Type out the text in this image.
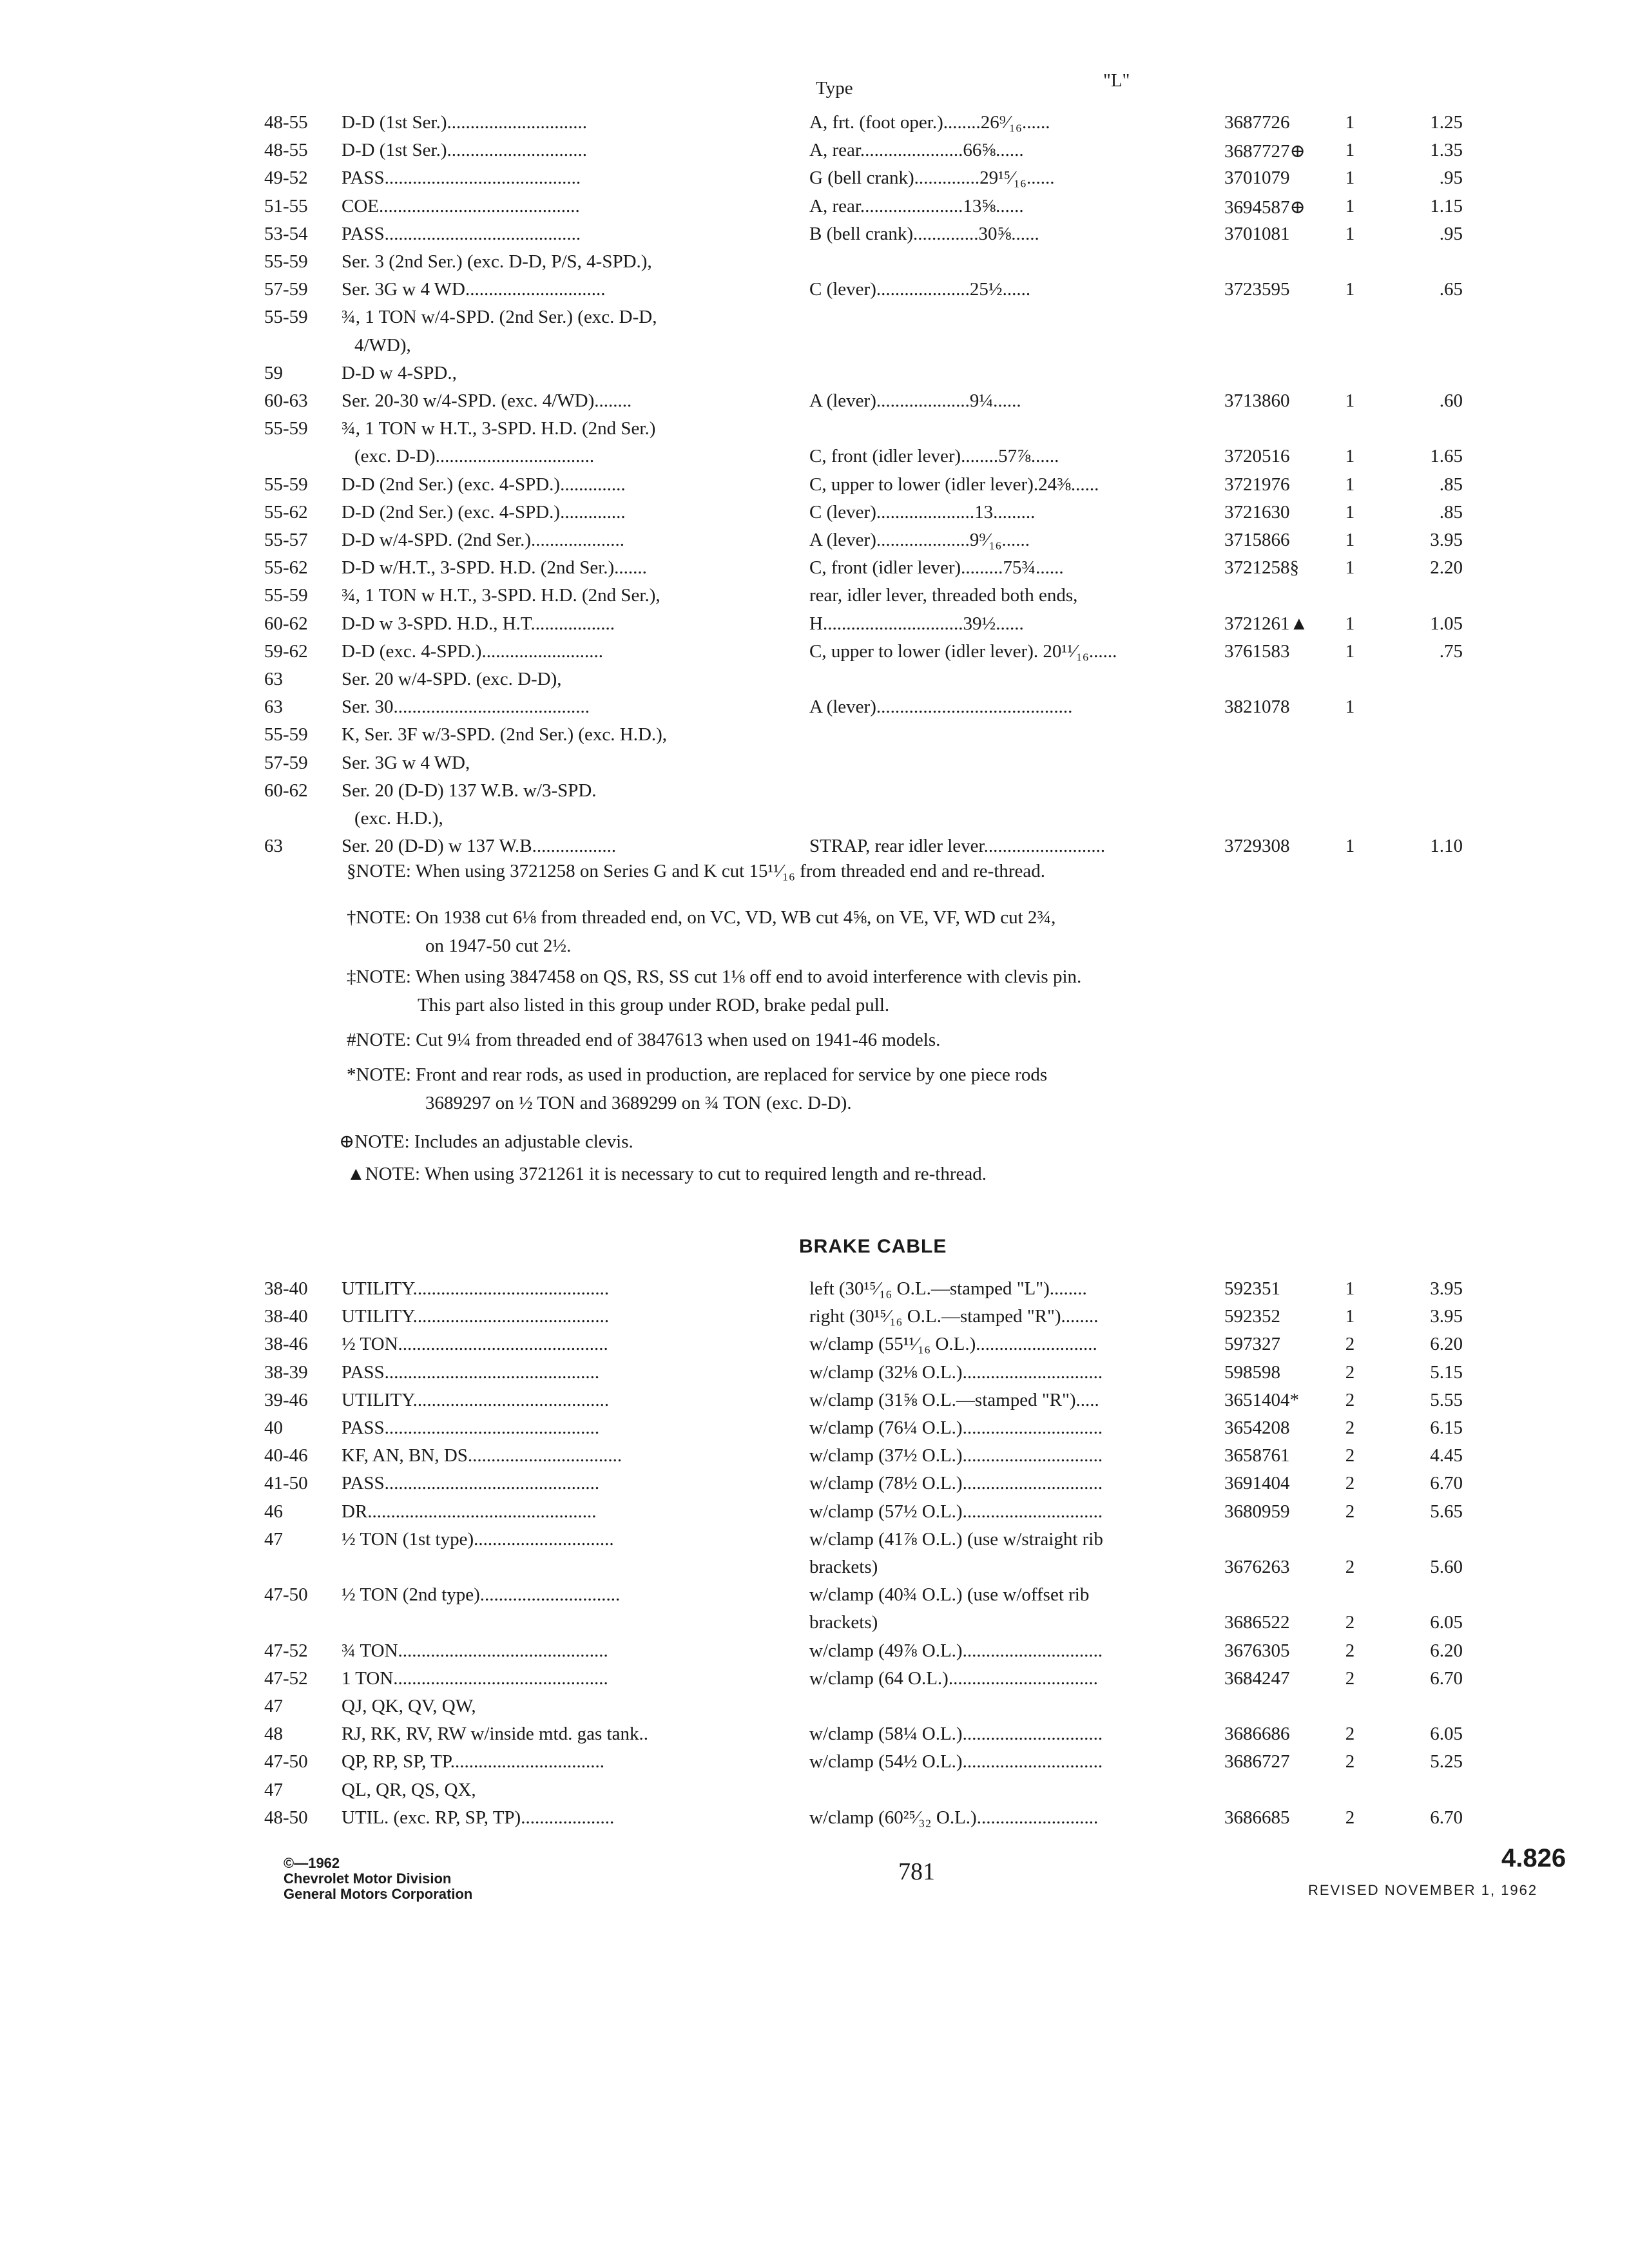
Type	"L"
48-55 D-D (1st Ser.)..............................	A, frt. (foot oper.)........26⁹⁄₁₆......	3687726	1	1.25
48-55 D-D (1st Ser.)..............................	A, rear......................66⅝......	3687727⊕	1	1.35
49-52 PASS..........................................	G (bell crank)..............29¹⁵⁄₁₆......	3701079	1	.95
51-55 COE...........................................	A, rear......................13⅝......	3694587⊕	1	1.15
53-54 PASS..........................................	B (bell crank)..............30⅝......	3701081	1	.95
55-59 Ser. 3 (2nd Ser.) (exc. D-D, P/S, 4-SPD.),
57-59 Ser. 3G w 4 WD..............................	C (lever)....................25½......	3723595	1	.65
55-59 ¾, 1 TON w/4-SPD. (2nd Ser.) (exc. D-D,
4/WD),
59	D-D w 4-SPD.,
60-63 Ser. 20-30 w/4-SPD. (exc. 4/WD)........	A (lever)....................9¼......	3713860	1	.60
55-59 ¾, 1 TON w H.T., 3-SPD. H.D. (2nd Ser.)
(exc. D-D)..................................	C, front (idler lever)........57⅞......	3720516	1	1.65
55-59 D-D (2nd Ser.) (exc. 4-SPD.)..............	C, upper to lower (idler lever).24⅜......	3721976	1	.85
55-62 D-D (2nd Ser.) (exc. 4-SPD.)..............	C (lever).....................13.........	3721630	1	.85
55-57 D-D w/4-SPD. (2nd Ser.)....................	A (lever)....................9⁹⁄₁₆......	3715866	1	3.95
55-62 D-D w/H.T., 3-SPD. H.D. (2nd Ser.).......	C, front (idler lever).........75¾......	3721258§	1	2.20
55-59 ¾, 1 TON w H.T., 3-SPD. H.D. (2nd Ser.),	rear, idler lever, threaded both ends,
60-62 D-D w 3-SPD. H.D., H.T..................	H..............................39½......	3721261▲	1	1.05
59-62 D-D (exc. 4-SPD.)..........................	C, upper to lower (idler lever). 20¹¹⁄₁₆......	3761583	1	.75
63	Ser. 20 w/4-SPD. (exc. D-D),
63	Ser. 30..........................................	A (lever)..........................................	3821078	1
55-59 K, Ser. 3F w/3-SPD. (2nd Ser.) (exc. H.D.),
57-59 Ser. 3G w 4 WD,
60-62 Ser. 20 (D-D) 137 W.B. w/3-SPD.
(exc. H.D.),
63	Ser. 20 (D-D) w 137 W.B..................	STRAP, rear idler lever..........................	3729308	1	1.10
§NOTE: When using 3721258 on Series G and K cut 15¹¹⁄₁₆ from threaded end and re-thread.
†NOTE: On 1938 cut 6⅛ from threaded end, on VC, VD, WB cut 4⅝, on VE, VF, WD cut 2¾,
on 1947-50 cut 2½.
‡NOTE: When using 3847458 on QS, RS, SS cut 1⅛ off end to avoid interference with clevis pin.
This part also listed in this group under ROD, brake pedal pull.
#NOTE: Cut 9¼ from threaded end of 3847613 when used on 1941-46 models.
*NOTE: Front and rear rods, as used in production, are replaced for service by one piece rods
3689297 on ½ TON and 3689299 on ¾ TON (exc. D-D).
⊕NOTE: Includes an adjustable clevis.
▲NOTE: When using 3721261 it is necessary to cut to required length and re-thread.
BRAKE CABLE
38-40 UTILITY..........................................	left (30¹⁵⁄₁₆ O.L.—stamped "L")........	592351	1	3.95
38-40 UTILITY..........................................	right (30¹⁵⁄₁₆ O.L.—stamped "R")........	592352	1	3.95
38-46 ½ TON.............................................	w/clamp (55¹¹⁄₁₆ O.L.)..........................	597327	2	6.20
38-39 PASS..............................................	w/clamp (32⅛ O.L.)..............................	598598	2	5.15
39-46 UTILITY..........................................	w/clamp (31⅝ O.L.—stamped "R").....	3651404*	2	5.55
40	PASS..............................................	w/clamp (76¼ O.L.)..............................	3654208	2	6.15
40-46 KF, AN, BN, DS.................................	w/clamp (37½ O.L.)..............................	3658761	2	4.45
41-50 PASS..............................................	w/clamp (78½ O.L.)..............................	3691404	2	6.70
46	DR.................................................	w/clamp (57½ O.L.)..............................	3680959	2	5.65
47	½ TON (1st type)..............................	w/clamp (41⅞ O.L.) (use w/straight rib
brackets)	3676263	2	5.60
47-50 ½ TON (2nd type)..............................	w/clamp (40¾ O.L.) (use w/offset rib
brackets)	3686522	2	6.05
47-52 ¾ TON.............................................	w/clamp (49⅞ O.L.)..............................	3676305	2	6.20
47-52 1 TON..............................................	w/clamp (64 O.L.)................................	3684247	2	6.70
47	QJ, QK, QV, QW,
48	RJ, RK, RV, RW w/inside mtd. gas tank..	w/clamp (58¼ O.L.)..............................	3686686	2	6.05
47-50 QP, RP, SP, TP.................................	w/clamp (54½ O.L.)..............................	3686727	2	5.25
47	QL, QR, QS, QX,
48-50 UTIL. (exc. RP, SP, TP)....................	w/clamp (60²⁵⁄₃₂ O.L.)..........................	3686685	2	6.70
©—1962
Chevrolet Motor Division
General Motors Corporation
781	4.826
REVISED NOVEMBER 1, 1962
